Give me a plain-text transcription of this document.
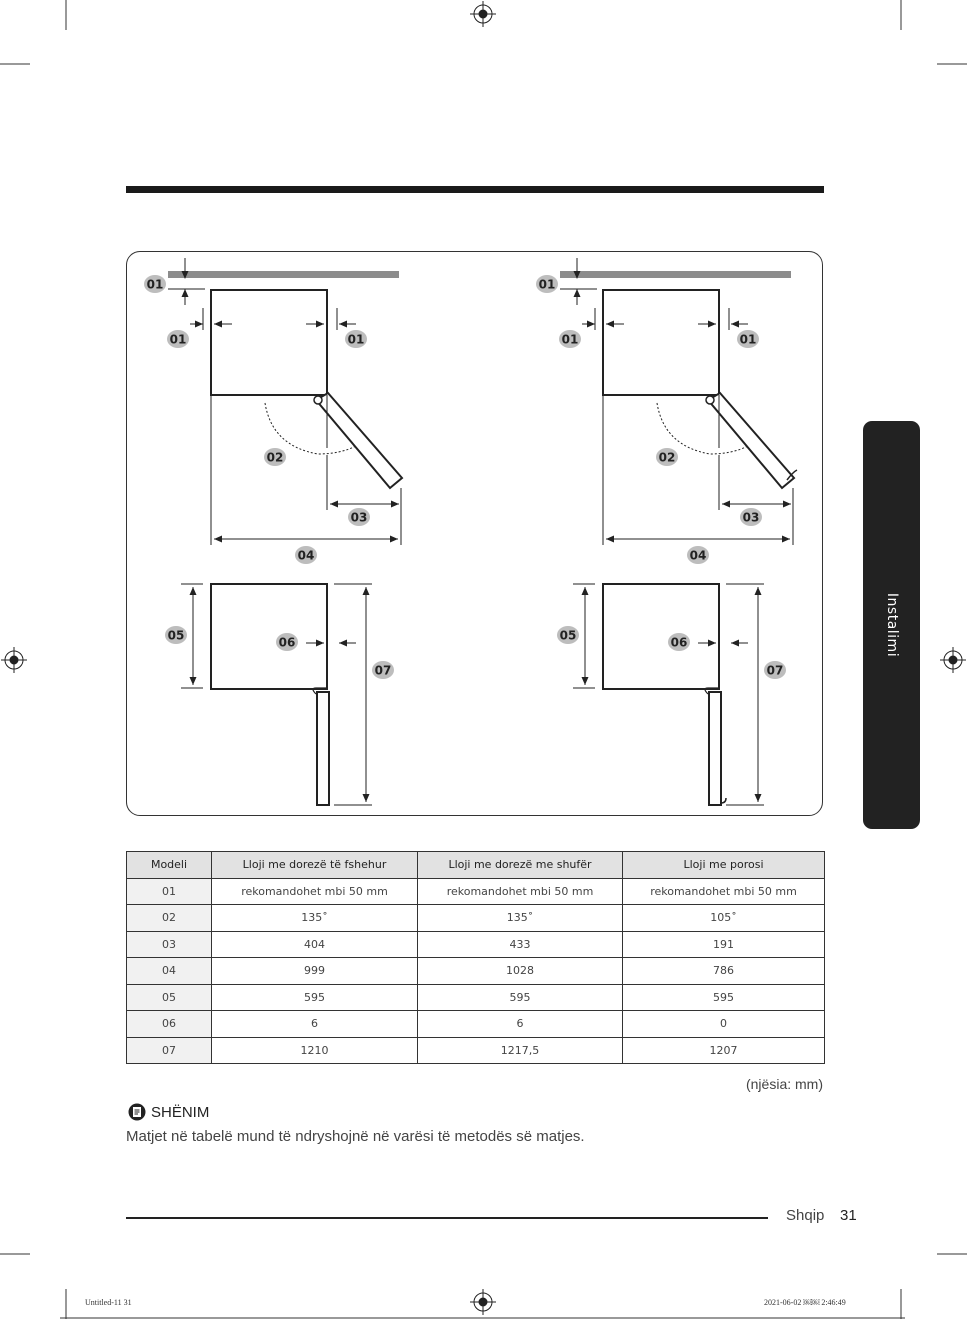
01
01	01
02
03
04
05	06
07
01
01	01
02
03
04
05	06
07
Instalimi
Modeli	Lloji me dorezë të fshehur	Lloji me dorezë me shufër	Lloji me porosi
01	rekomandohet mbi 50 mm	rekomandohet mbi 50 mm	rekomandohet mbi 50 mm
02	135˚	135˚	105˚
03	404	433	191
04	999	1028	786
05	595	595	595
06	6	6	0
07	1210	1217,5	1207
(njësia: mm)
SHËNIM
Matjet në tabelë mund të ndryshojnë në varësi të metodës së matjes.
Shqip 31
Untitled-11 31	2021-06-02 ￼￼ 2:46:49
